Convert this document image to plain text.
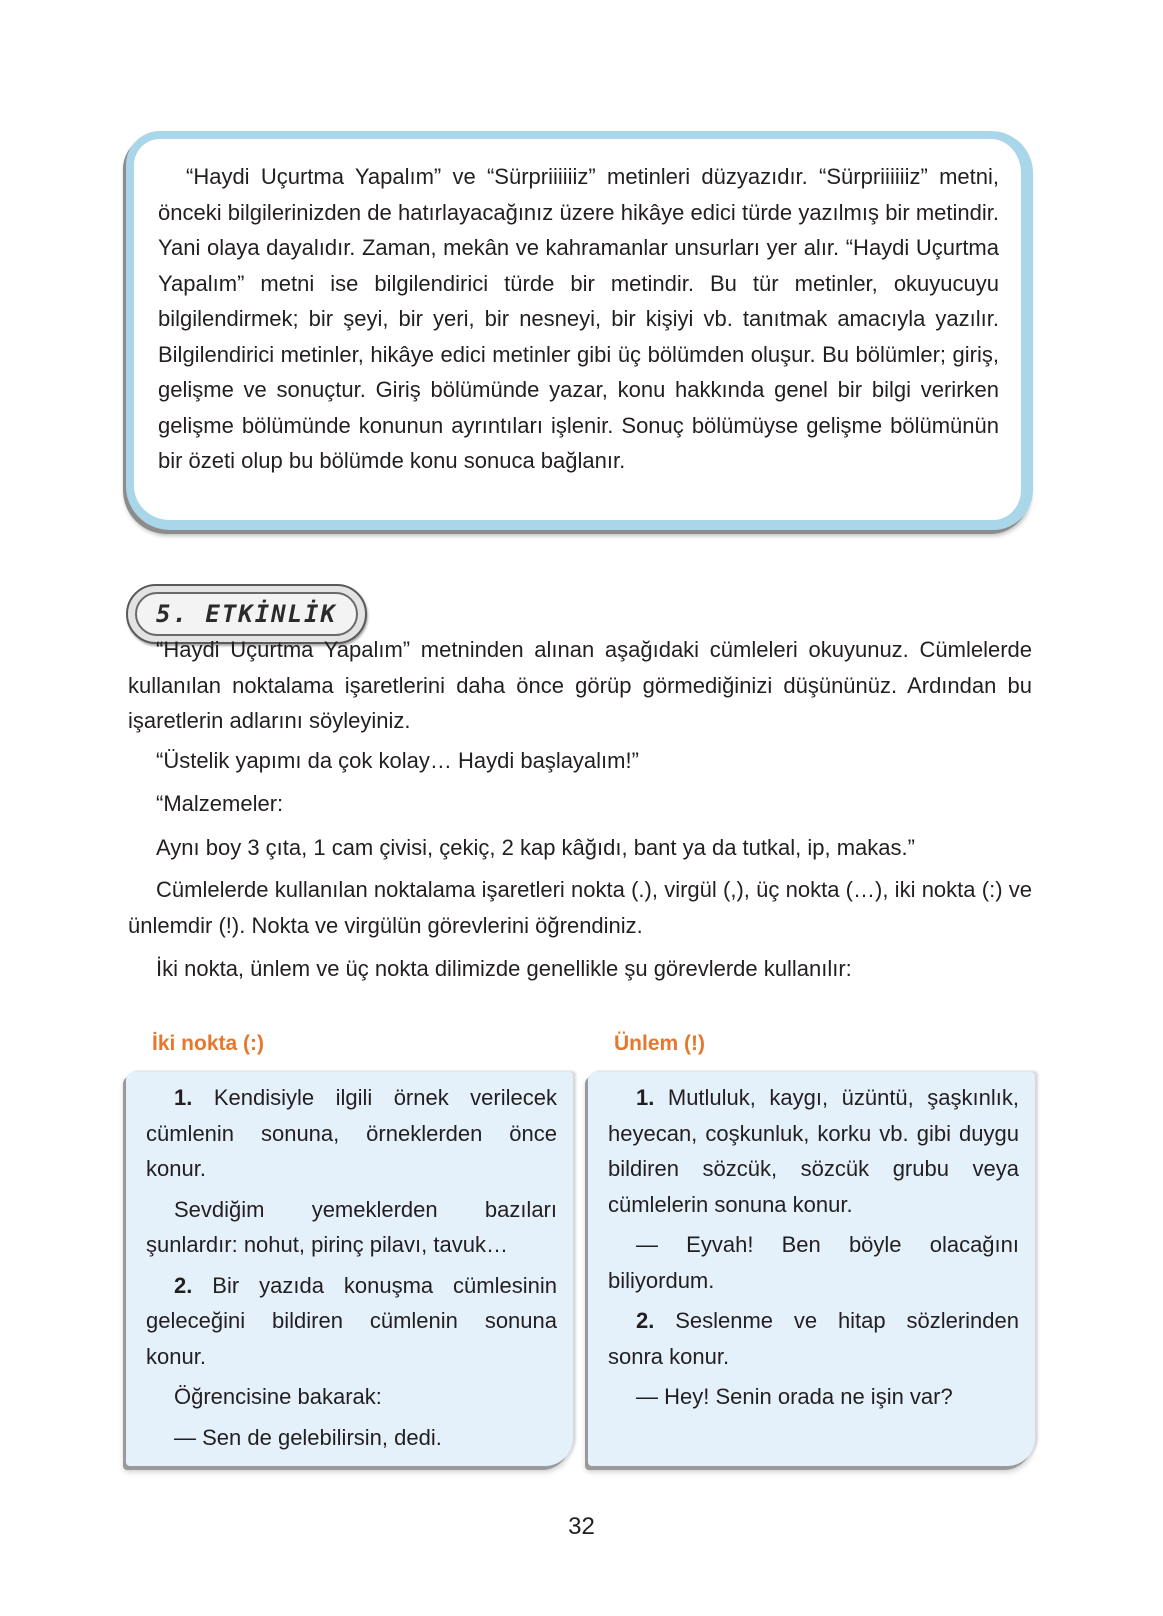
“Haydi Uçurtma Yapalım” ve “Sürpriiiiiiz” metinleri düzyazıdır. “Sürpriiiiiiz” metni, önceki bilgilerinizden de hatırlayacağınız üzere hikâye edici türde yazılmış bir metindir. Yani olaya dayalıdır. Zaman, mekân ve kahramanlar unsurları yer alır. “Haydi Uçurtma Yapalım” metni ise bilgilendirici türde bir metindir. Bu tür metinler, okuyucuyu bilgilendirmek; bir şeyi, bir yeri, bir nesneyi, bir kişiyi vb. tanıtmak amacıyla yazılır. Bilgilendirici metinler, hikâye edici metinler gibi üç bölümden oluşur. Bu bölümler; giriş, gelişme ve sonuçtur. Giriş bölümünde yazar, konu hakkında genel bir bilgi verirken gelişme bölümünde konunun ayrıntıları işlenir. Sonuç bölümüyse gelişme bölümünün bir özeti olup bu bölümde konu sonuca bağlanır.

5. ETKİNLİK

“Haydi Uçurtma Yapalım” metninden alınan aşağıdaki cümleleri okuyunuz. Cümlelerde kullanılan noktalama işaretlerini daha önce görüp görmediğinizi düşününüz. Ardından bu işaretlerin adlarını söyleyiniz.

“Üstelik yapımı da çok kolay… Haydi başlayalım!”

“Malzemeler:

Aynı boy 3 çıta, 1 cam çivisi, çekiç, 2 kap kâğıdı, bant ya da tutkal, ip, makas.”

Cümlelerde kullanılan noktalama işaretleri nokta (.), virgül (,), üç nokta (…), iki nokta (:) ve ünlemdir (!). Nokta ve virgülün görevlerini öğrendiniz.

İki nokta, ünlem ve üç nokta dilimizde genellikle şu görevlerde kullanılır:

İki nokta (:)	Ünlem (!)

1. Kendisiyle ilgili örnek verilecek cümlenin sonuna, örneklerden önce konur.

Sevdiğim yemeklerden bazıları şunlardır: nohut, pirinç pilavı, tavuk…

2. Bir yazıda konuşma cümlesinin geleceğini bildiren cümlenin sonuna konur.

Öğrencisine bakarak:

— Sen de gelebilirsin, dedi.

1. Mutluluk, kaygı, üzüntü, şaşkınlık, heyecan, coşkunluk, korku vb. gibi duygu bildiren sözcük, sözcük grubu veya cümlelerin sonuna konur.

— Eyvah! Ben böyle olacağını biliyordum.

2. Seslenme ve hitap sözlerinden sonra konur.

— Hey! Senin orada ne işin var?

32
